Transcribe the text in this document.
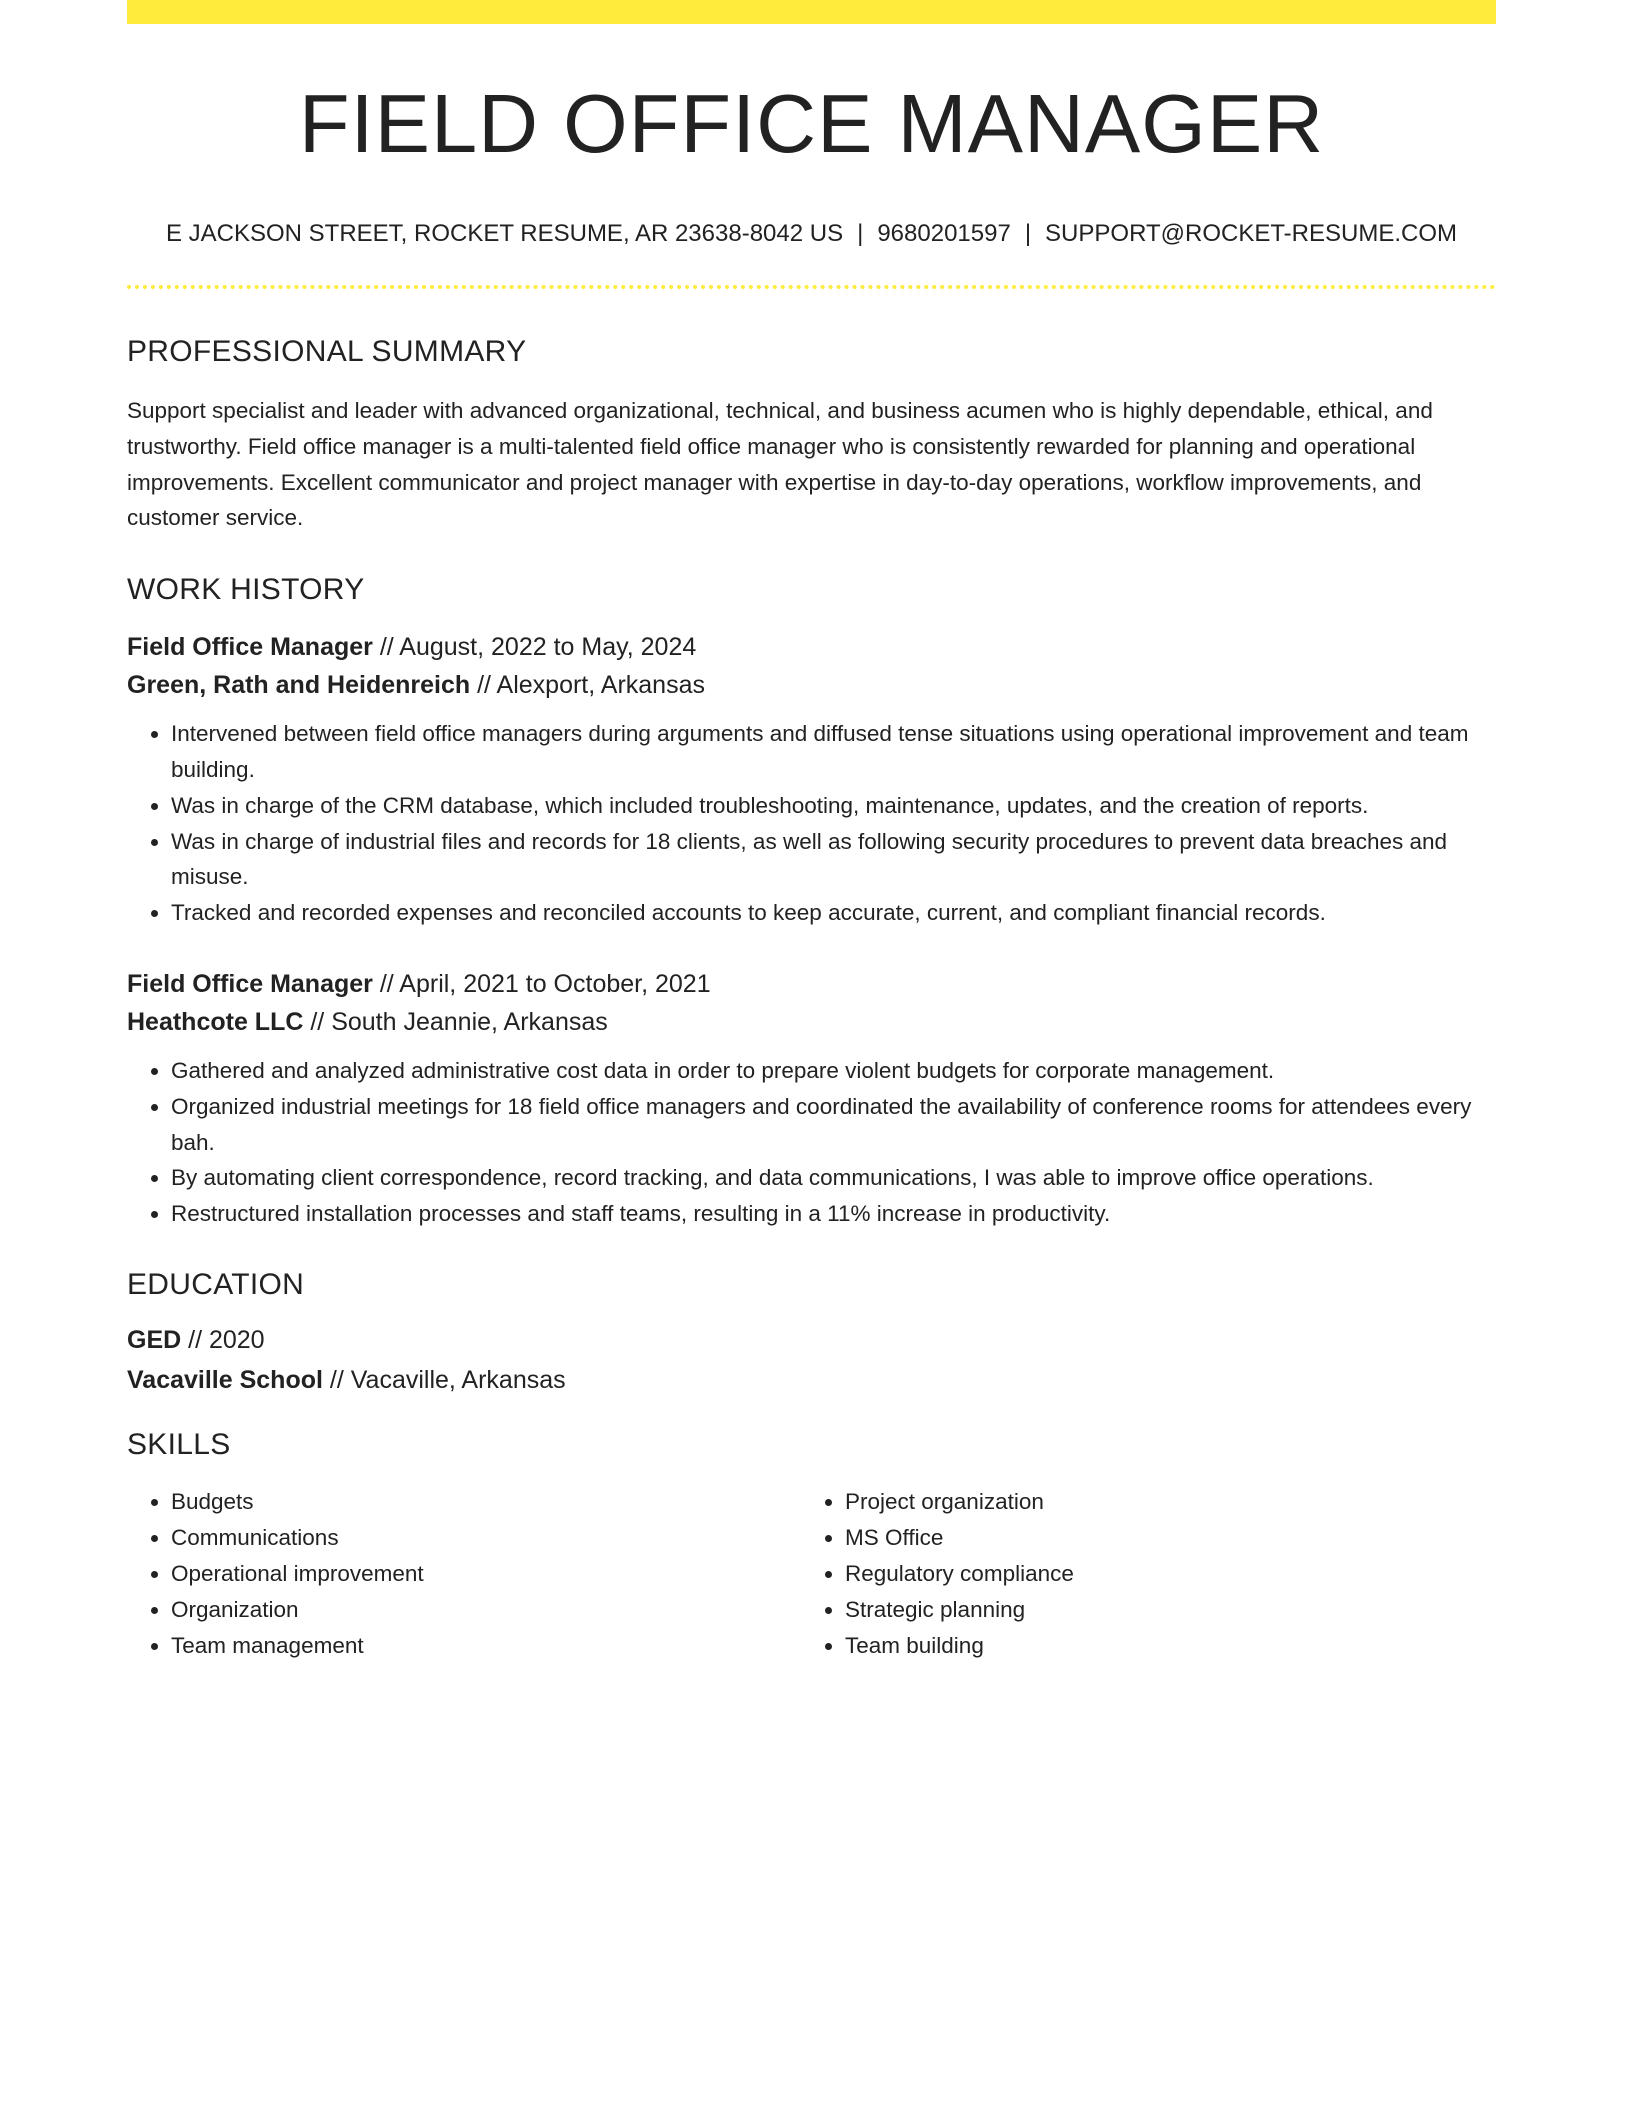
FIELD OFFICE MANAGER
E JACKSON STREET, ROCKET RESUME, AR 23638-8042 US | 9680201597 | SUPPORT@ROCKET-RESUME.COM
PROFESSIONAL SUMMARY

Support specialist and leader with advanced organizational, technical, and business acumen who is highly dependable, ethical, and trustworthy. Field office manager is a multi-talented field office manager who is consistently rewarded for planning and operational improvements. Excellent communicator and project manager with expertise in day-to-day operations, workflow improvements, and customer service.

WORK HISTORY
Field Office Manager // August, 2022 to May, 2024
Green, Rath and Heidenreich // Alexport, Arkansas
• Intervened between field office managers during arguments and diffused tense situations using operational improvement and team building.
• Was in charge of the CRM database, which included troubleshooting, maintenance, updates, and the creation of reports.
• Was in charge of industrial files and records for 18 clients, as well as following security procedures to prevent data breaches and misuse.
• Tracked and recorded expenses and reconciled accounts to keep accurate, current, and compliant financial records.
Field Office Manager // April, 2021 to October, 2021
Heathcote LLC // South Jeannie, Arkansas
• Gathered and analyzed administrative cost data in order to prepare violent budgets for corporate management.
• Organized industrial meetings for 18 field office managers and coordinated the availability of conference rooms for attendees every bah.
• By automating client correspondence, record tracking, and data communications, I was able to improve office operations.
• Restructured installation processes and staff teams, resulting in a 11% increase in productivity.
EDUCATION
GED // 2020
Vacaville School // Vacaville, Arkansas
SKILLS
• Budgets
• Communications
• Operational improvement
• Organization
• Team management
• Project organization
• MS Office
• Regulatory compliance
• Strategic planning
• Team building
